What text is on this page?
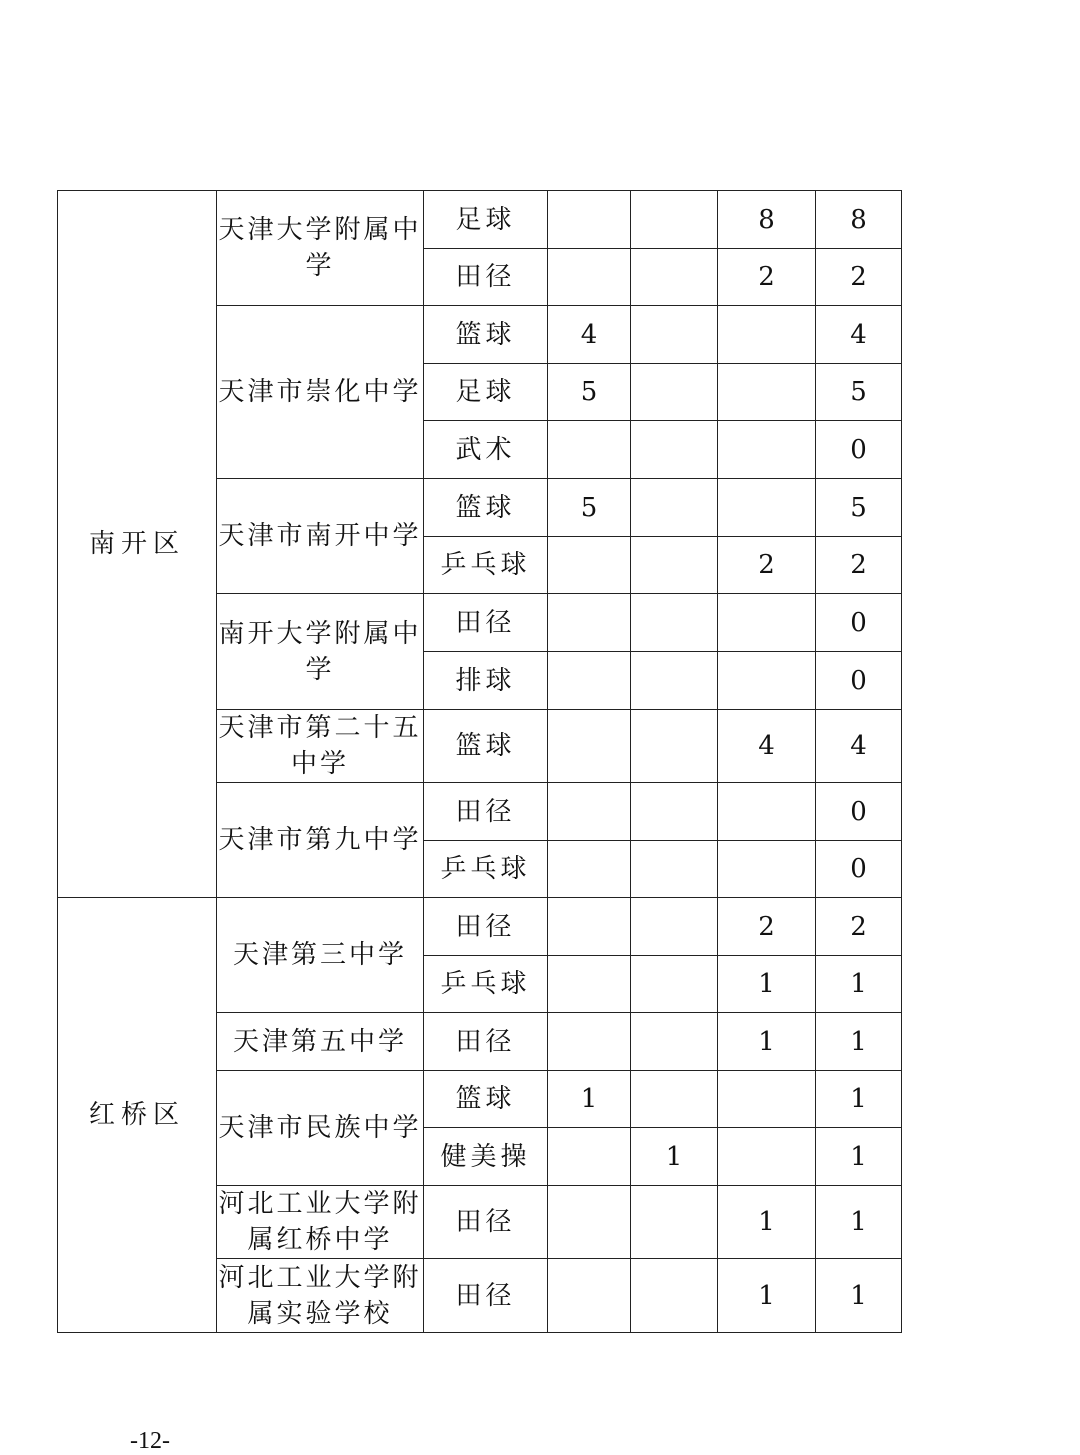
南开区	天津大学附属中学	足球			8	8
		田径			2	2
	天津市崇化中学	篮球	4			4
		足球	5			5
		武术				0
	天津市南开中学	篮球	5			5
		乒乓球			2	2
	南开大学附属中学	田径				0
		排球				0
	天津市第二十五中学	篮球			4	4
	天津市第九中学	田径				0
		乒乓球				0
红桥区	天津第三中学	田径			2	2
		乒乓球			1	1
	天津第五中学	田径			1	1
	天津市民族中学	篮球	1			1
		健美操		1		1
	河北工业大学附属红桥中学	田径			1	1
	河北工业大学附属实验学校	田径			1	1
-12-
